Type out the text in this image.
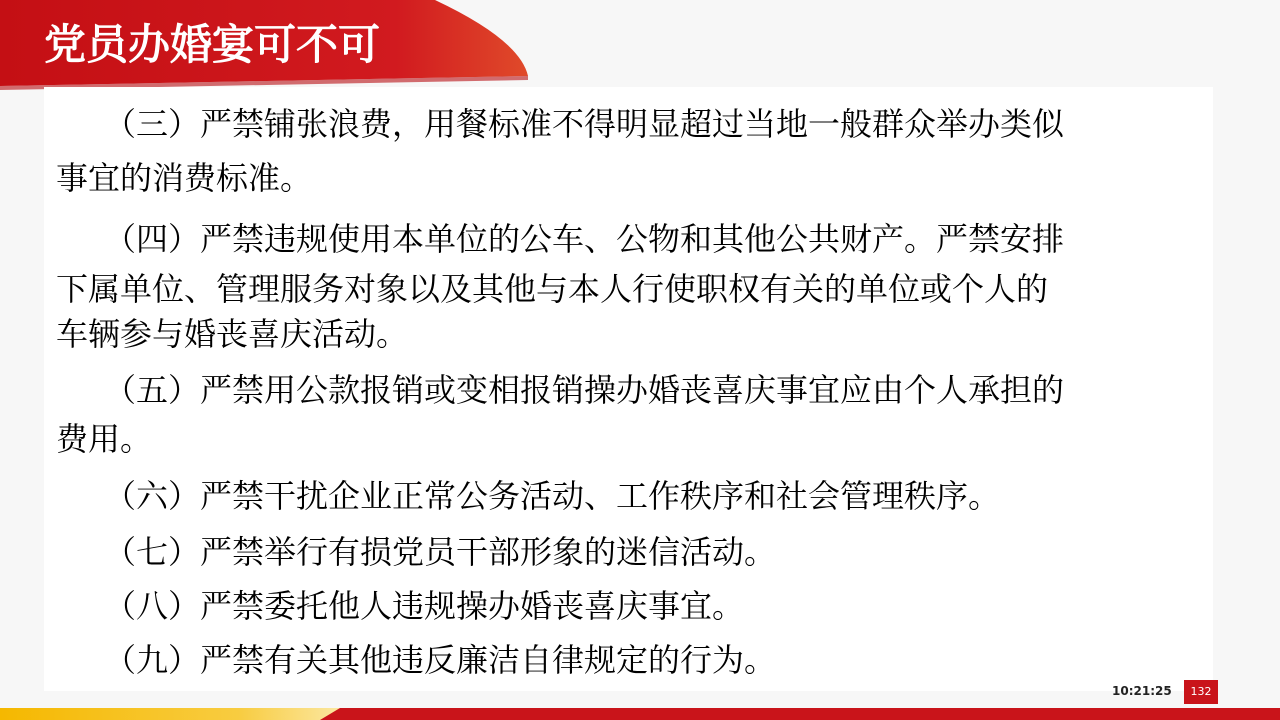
党员办婚宴可不可
　　（三）严禁铺张浪费，用餐标准不得明显超过当地一般群众举办类似
事宜的消费标准。
　　（四）严禁违规使用本单位的公车、公物和其他公共财产。严禁安排
下属单位、管理服务对象以及其他与本人行使职权有关的单位或个人的
车辆参与婚丧喜庆活动。
　　（五）严禁用公款报销或变相报销操办婚丧喜庆事宜应由个人承担的
费用。
　　（六）严禁干扰企业正常公务活动、工作秩序和社会管理秩序。
　　（七）严禁举行有损党员干部形象的迷信活动。
　　（八）严禁委托他人违规操办婚丧喜庆事宜。
　　（九）严禁有关其他违反廉洁自律规定的行为。
10:21:25	132
